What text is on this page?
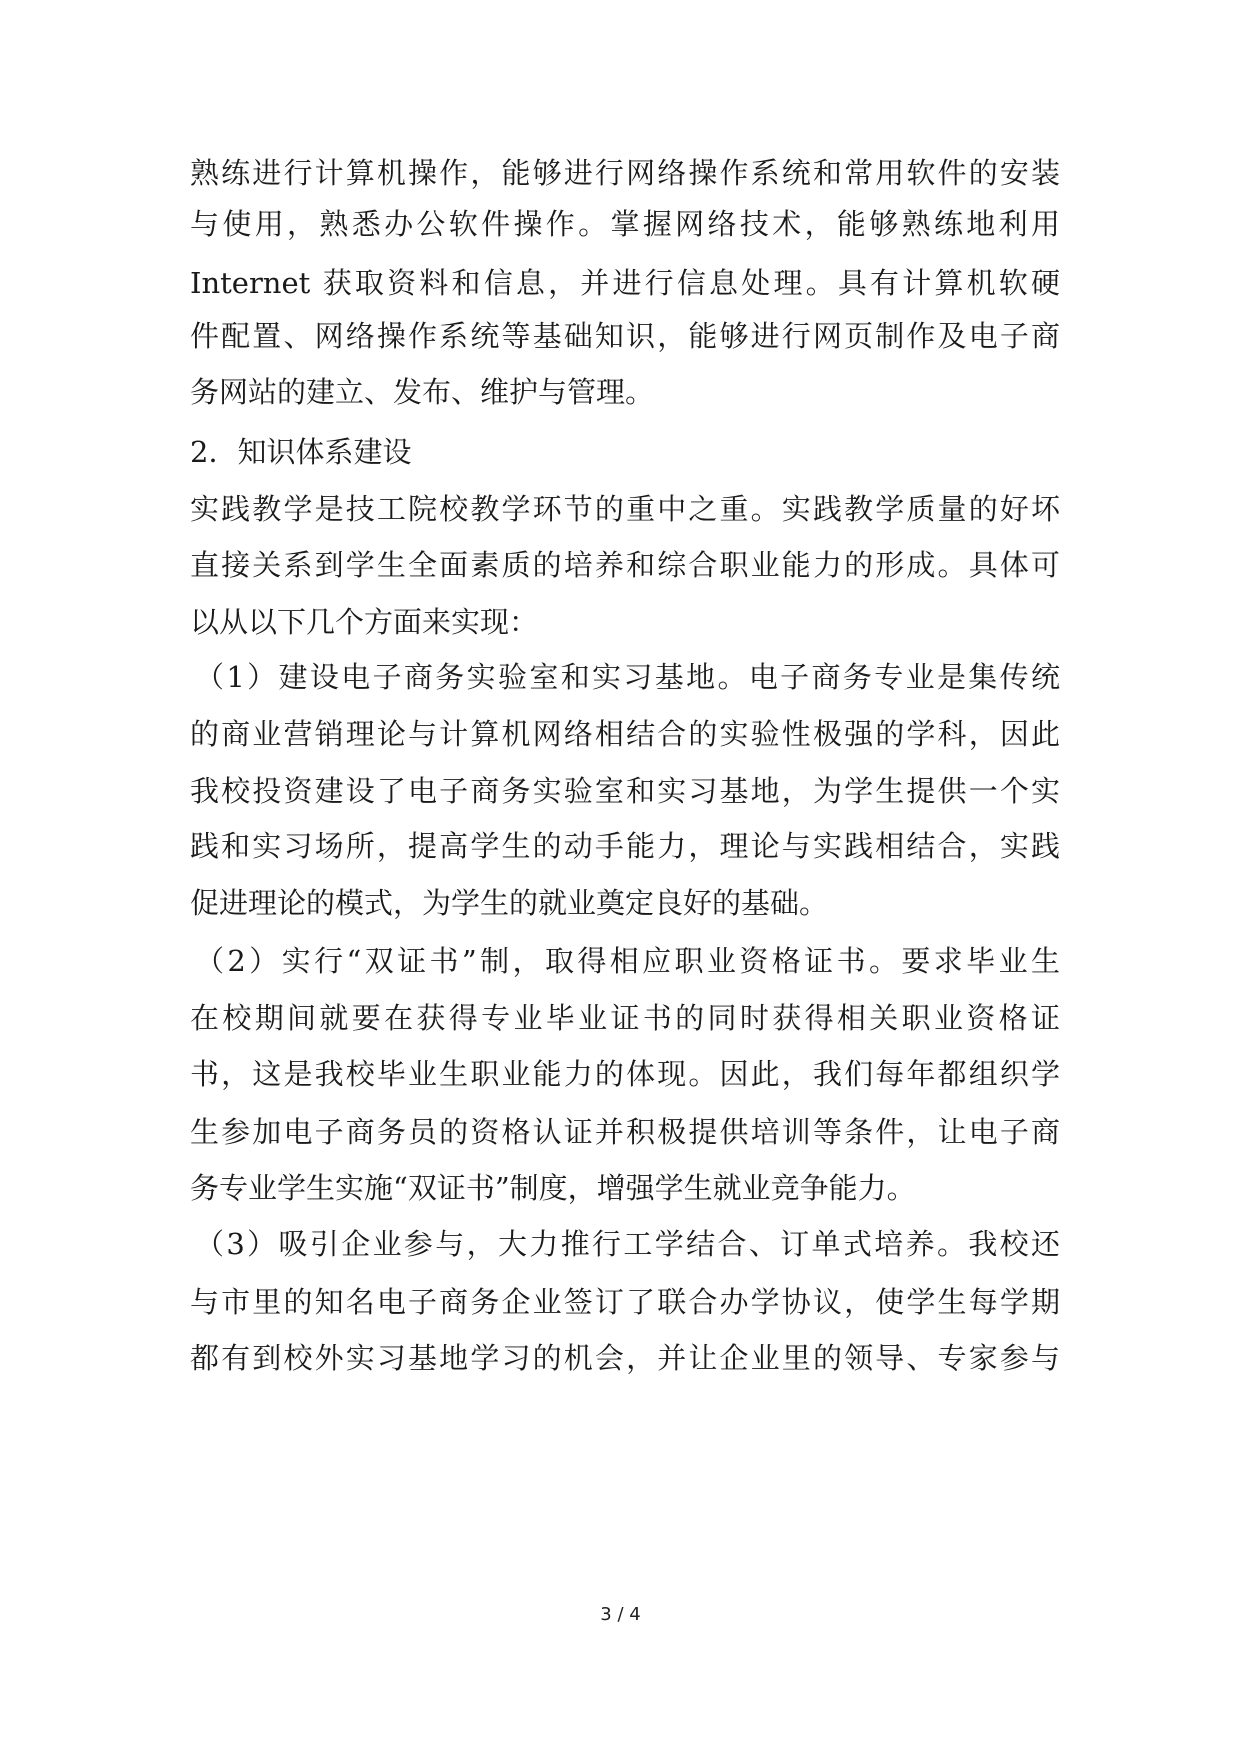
熟练进行计算机操作，能够进行网络操作系统和常用软件的安装
与使用，熟悉办公软件操作。掌握网络技术，能够熟练地利用
Internet 获取资料和信息，并进行信息处理。具有计算机软硬
件配置、网络操作系统等基础知识，能够进行网页制作及电子商
务网站的建立、发布、维护与管理。
2．知识体系建设
实践教学是技工院校教学环节的重中之重。实践教学质量的好坏
直接关系到学生全面素质的培养和综合职业能力的形成。具体可
以从以下几个方面来实现：
（1）建设电子商务实验室和实习基地。电子商务专业是集传统
的商业营销理论与计算机网络相结合的实验性极强的学科，因此
我校投资建设了电子商务实验室和实习基地，为学生提供一个实
践和实习场所，提高学生的动手能力，理论与实践相结合，实践
促进理论的模式，为学生的就业奠定良好的基础。
（2）实行“双证书”制，取得相应职业资格证书。要求毕业生
在校期间就要在获得专业毕业证书的同时获得相关职业资格证
书，这是我校毕业生职业能力的体现。因此，我们每年都组织学
生参加电子商务员的资格认证并积极提供培训等条件，让电子商
务专业学生实施“双证书”制度，增强学生就业竞争能力。
（3）吸引企业参与，大力推行工学结合、订单式培养。我校还
与市里的知名电子商务企业签订了联合办学协议，使学生每学期
都有到校外实习基地学习的机会，并让企业里的领导、专家参与
3 / 4
